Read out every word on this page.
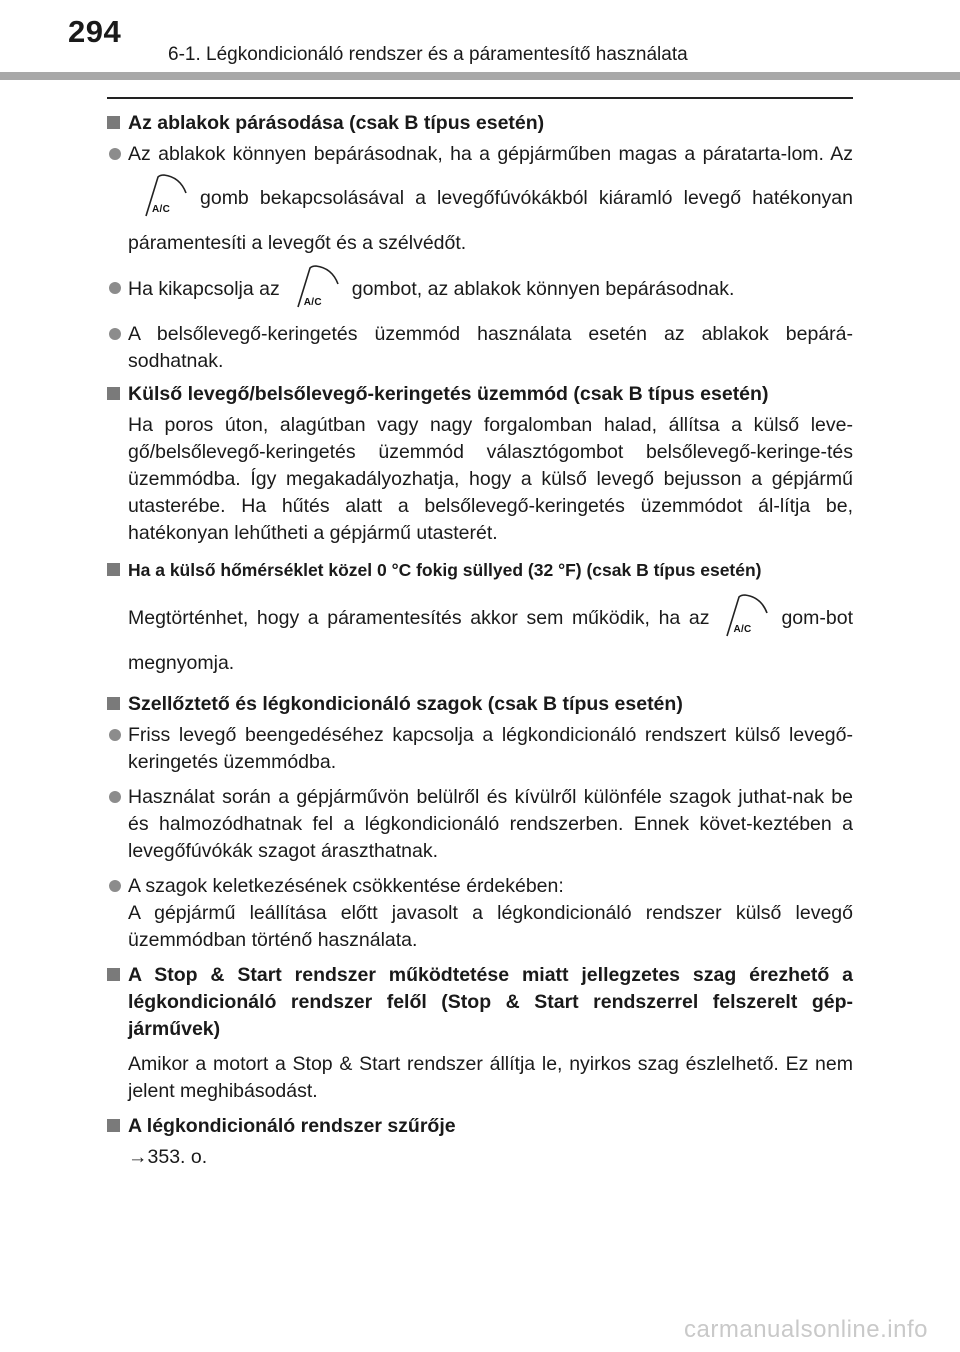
294
6-1. Légkondicionáló rendszer és a páramentesítő használata
Az ablakok párásodása (csak B típus esetén)
Az ablakok könnyen bepárásodnak, ha a gépjárműben magas a páratarta-lom. Az
A/C
gomb bekapcsolásával a levegőfúvókákból kiáramló levegő hatékonyan páramentesíti a levegőt és a szélvédőt.
Ha kikapcsolja az
A/C
gombot, az ablakok könnyen bepárásodnak.
A belsőlevegő-keringetés üzemmód használata esetén az ablakok bepárá-sodhatnak.
Külső levegő/belsőlevegő-keringetés üzemmód (csak B típus esetén)
Ha poros úton, alagútban vagy nagy forgalomban halad, állítsa a külső leve-gő/belsőlevegő-keringetés üzemmód választógombot belsőlevegő-keringe-tés üzemmódba. Így megakadályozhatja, hogy a külső levegő bejusson a gépjármű utasterébe. Ha hűtés alatt a belsőlevegő-keringetés üzemmódot ál-lítja be, hatékonyan lehűtheti a gépjármű utasterét.
Ha a külső hőmérséklet közel 0 °C fokig süllyed (32 °F) (csak B típus esetén)
Megtörténhet, hogy a páramentesítés akkor sem működik, ha az
A/C
gom-bot megnyomja.
Szellőztető és légkondicionáló szagok (csak B típus esetén)
Friss levegő beengedéséhez kapcsolja a légkondicionáló rendszert külső levegő-keringetés üzemmódba.
Használat során a gépjárművön belülről és kívülről különféle szagok juthat-nak be és halmozódhatnak fel a légkondicionáló rendszerben. Ennek követ-keztében a levegőfúvókák szagot áraszthatnak.
A szagok keletkezésének csökkentése érdekében:
A gépjármű leállítása előtt javasolt a légkondicionáló rendszer külső levegő üzemmódban történő használata.
A Stop & Start rendszer működtetése miatt jellegzetes szag érezhető a légkondicionáló rendszer felől (Stop & Start rendszerrel felszerelt gép-járművek)
Amikor a motort a Stop & Start rendszer állítja le, nyirkos szag észlelhető. Ez nem jelent meghibásodást.
A légkondicionáló rendszer szűrője
→353. o.
carmanualsonline.info
